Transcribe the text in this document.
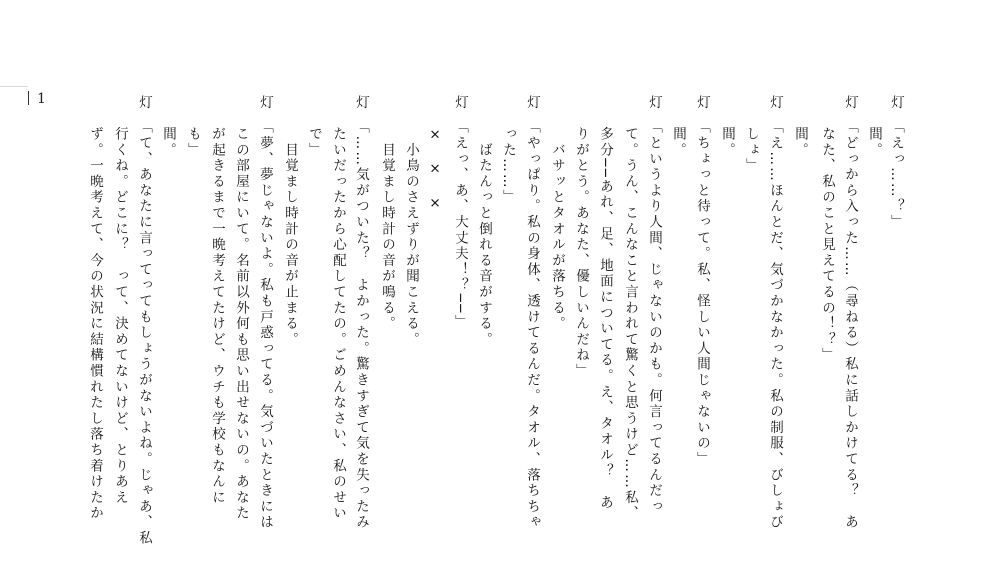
1	灯　「えっ……？」
　　間。
灯　「どっから入った……（尋ねる）私に話しかけてる？　あ
　　なた、私のこと見えてるの！？」
　　間。
灯　「え……ほんとだ、気づかなかった。私の制服、びしょび
　　しょ」
　　間。
灯　「ちょっと待って。私、怪しい人間じゃないの」
　　間。
灯　「というより人間、じゃないのかも。何言ってるんだっ
　　て。うん、こんなこと言われて驚くと思うけど……私、
　　多分──あれ、足、地面についてる。え、タオル？　あ
　　りがとう。あなた、優しいんだね」
　　　バサッとタオルが落ちる。
灯　「やっぱり。私の身体、透けてるんだ。タオル、落ちちゃ
　　った……」
　　　ばたんっと倒れる音がする。
灯　「えっ、あ、大丈夫！？──」
　　×　×　×
　　　小鳥のさえずりが聞こえる。
　　　目覚まし時計の音が鳴る。
灯　「……気がついた？　よかった。驚きすぎて気を失ったみ
　　たいだったから心配してたの。ごめんなさい、私のせい
　　で」
　　　目覚まし時計の音が止まる。
灯　「夢、夢じゃないよ。私も戸惑ってる。気づいたときには
　　この部屋にいて。名前以外何も思い出せないの。あなた
　　が起きるまで一晩考えてたけど、ウチも学校もなんに
　　も」
　　間。
灯　「て、あなたに言ってってもしょうがないよね。じゃあ、私
　　行くね。どこに？　って、決めてないけど、とりあえ
　　ず。一晩考えて、今の状況に結構慣れたし落ち着けたか
